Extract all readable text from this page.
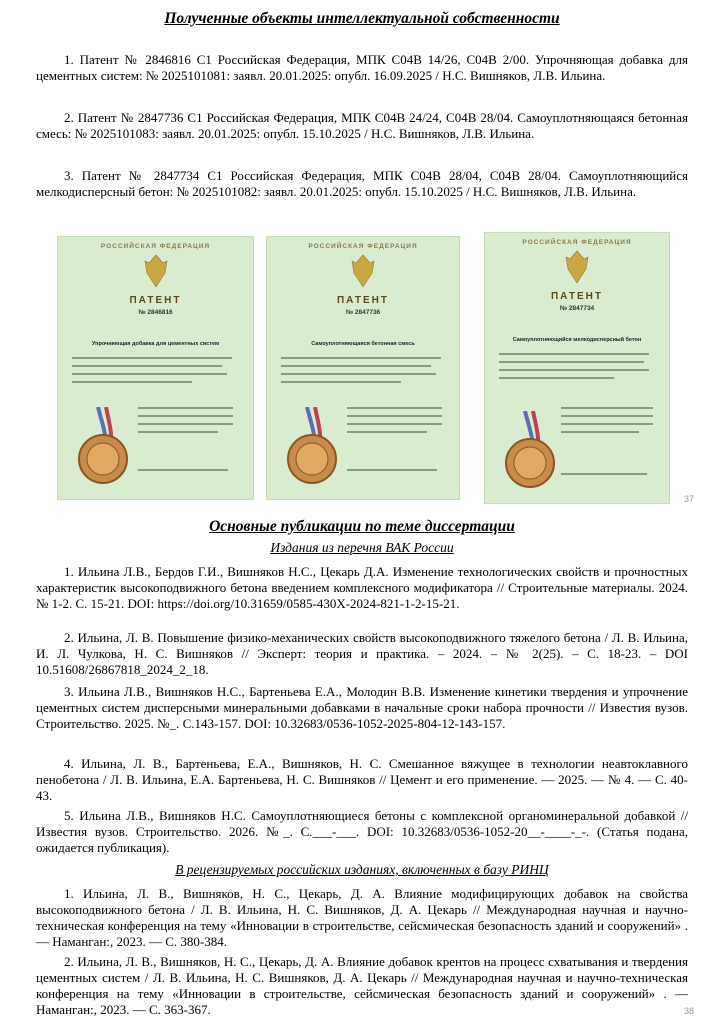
Полученные объекты интеллектуальной собственности

1. Патент № 2846816 C1 Российская Федерация, МПК C04B 14/26, C04B 2/00. Упрочняющая добавка для цементных систем: № 2025101081: заявл. 20.01.2025: опубл. 16.09.2025 / Н.С. Вишняков, Л.В. Ильина.

2. Патент № 2847736 C1 Российская Федерация, МПК C04B 24/24, C04B 28/04. Самоуплотняющаяся бетонная смесь: № 2025101083: заявл. 20.01.2025: опубл. 15.10.2025 / Н.С. Вишняков, Л.В. Ильина.

3. Патент № 2847734 C1 Российская Федерация, МПК C04B 28/04, C04B 28/04. Самоуплотняющийся мелкодисперсный бетон: № 2025101082: заявл. 20.01.2025: опубл. 15.10.2025 / Н.С. Вишняков, Л.В. Ильина.

РОССИЙСКАЯ ФЕДЕРАЦИЯ
ПАТЕНТ
№ 2846816
Упрочняющая добавка для цементных систем
РОССИЙСКАЯ ФЕДЕРАЦИЯ
ПАТЕНТ
№ 2847736
Самоуплотняющаяся бетонная смесь
РОССИЙСКАЯ ФЕДЕРАЦИЯ
ПАТЕНТ
№ 2847734
Самоуплотняющийся мелкодисперсный бетон
37
Основные публикации по теме диссертации
Издания из перечня ВАК России

1. Ильина Л.В., Бердов Г.И., Вишняков Н.С., Цекарь Д.А. Изменение технологических свойств и прочностных характеристик высокоподвижного бетона введением комплексного модификатора // Строительные материалы. 2024. № 1-2. С. 15-21. DOI: https://doi.org/10.31659/0585-430X-2024-821-1-2-15-21.

2. Ильина, Л. В. Повышение физико-механических свойств высокоподвижного тяжелого бетона / Л. В. Ильина, И. Л. Чулкова, Н. С. Вишняков // Эксперт: теория и практика. – 2024. – № 2(25). – С. 18-23. – DOI 10.51608/26867818_2024_2_18.

3. Ильина Л.В., Вишняков Н.С., Бартеньева Е.А., Молодин В.В. Изменение кинетики твердения и упрочнение цементных систем дисперсными минеральными добавками в начальные сроки набора прочности // Известия вузов. Строительство. 2025. №_. С.143-157. DOI: 10.32683/0536-1052-2025-804-12-143-157.

4. Ильина, Л. В., Бартеньева, Е.А., Вишняков, Н. С. Смешанное вяжущее в технологии неавтоклавного пенобетона / Л. В. Ильина, Е.А. Бартеньева, Н. С. Вишняков // Цемент и его применение. — 2025. — № 4. — С. 40-43.

5. Ильина Л.В., Вишняков Н.С. Самоуплотняющиеся бетоны с комплексной органоминеральной добавкой // Известия вузов. Строительство. 2026. №_. С.___-___. DOI: 10.32683/0536-1052-20__-____-_-. (Статья подана, ожидается публикация).

В рецензируемых российских изданиях, включенных в базу РИНЦ

1. Ильина, Л. В., Вишняков, Н. С., Цекарь, Д. А. Влияние модифицирующих добавок на свойства высокоподвижного бетона / Л. В. Ильина, Н. С. Вишняков, Д. А. Цекарь // Международная научная и научно-техническая конференция на тему «Инновации в строительстве, сейсмическая безопасность зданий и сооружений» . — Наманган:, 2023. — С. 380-384.

2. Ильина, Л. В., Вишняков, Н. С., Цекарь, Д. А. Влияние добавок крентов на процесс схватывания и твердения цементных систем / Л. В. Ильина, Н. С. Вишняков, Д. А. Цекарь // Международная научная и научно-техническая конференция на тему «Инновации в строительстве, сейсмическая безопасность зданий и сооружений» . — Наманган:, 2023. — С. 363-367.	38
